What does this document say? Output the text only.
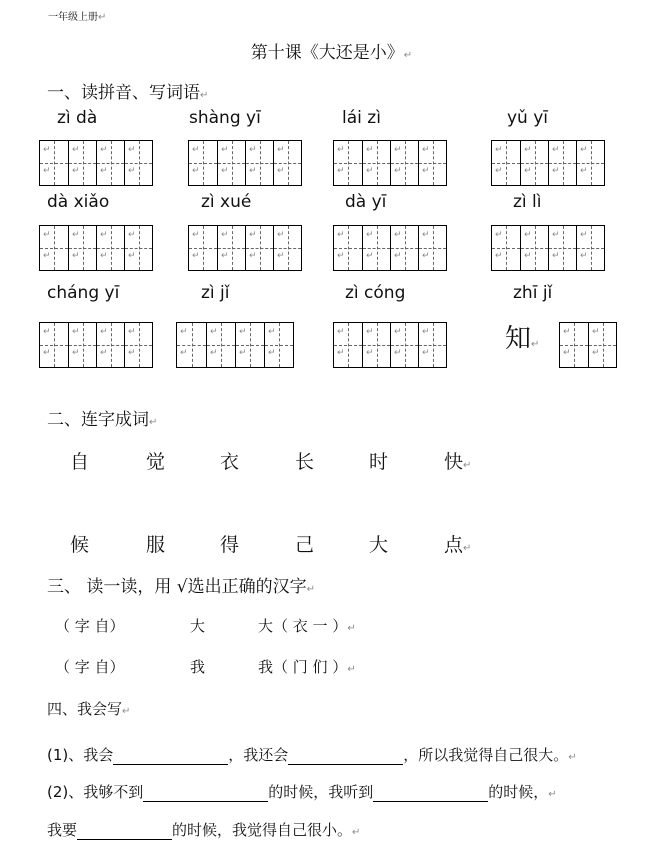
一年级上册↵
第十课《大还是小》↵
一、读拼音、写词语↵
zì dà	shàng yī	lái zì	yǔ yī
↵
↵
↵
↵
↵
↵
↵
↵
↵
↵
↵
↵
↵
↵
↵
↵
↵
↵
↵
↵
↵
↵
↵
↵
↵
↵
↵
↵
↵
↵
↵
↵
dà xiǎo	zì xué	dà yī	zì lì
↵
↵
↵
↵
↵
↵
↵
↵
↵
↵
↵
↵
↵
↵
↵
↵
↵
↵
↵
↵
↵
↵
↵
↵
↵
↵
↵
↵
↵
↵
↵
↵
cháng yī	zì jǐ	zì cóng	zhī jǐ
↵
↵
↵
↵
↵
↵
↵
↵
↵
↵
↵
↵
↵
↵
↵
↵
↵
↵
↵
↵
↵
↵
↵
↵	知↵
↵
↵
↵
↵
二、连字成词↵
自	觉	衣	长	时	快↵
候	服	得	己	大	点↵
三、 读一读，用 √选出正确的汉字↵
（ 字 自）	大	大（ 衣 一 ）↵
（ 字 自）	我	我（ 门 们 ）↵
四、我会写↵
(1)、我会	，我还会	，所以我觉得自己很大。↵
(2)、我够不到	的时候，我听到	的时候，↵
我要	的时候，我觉得自己很小。↵
